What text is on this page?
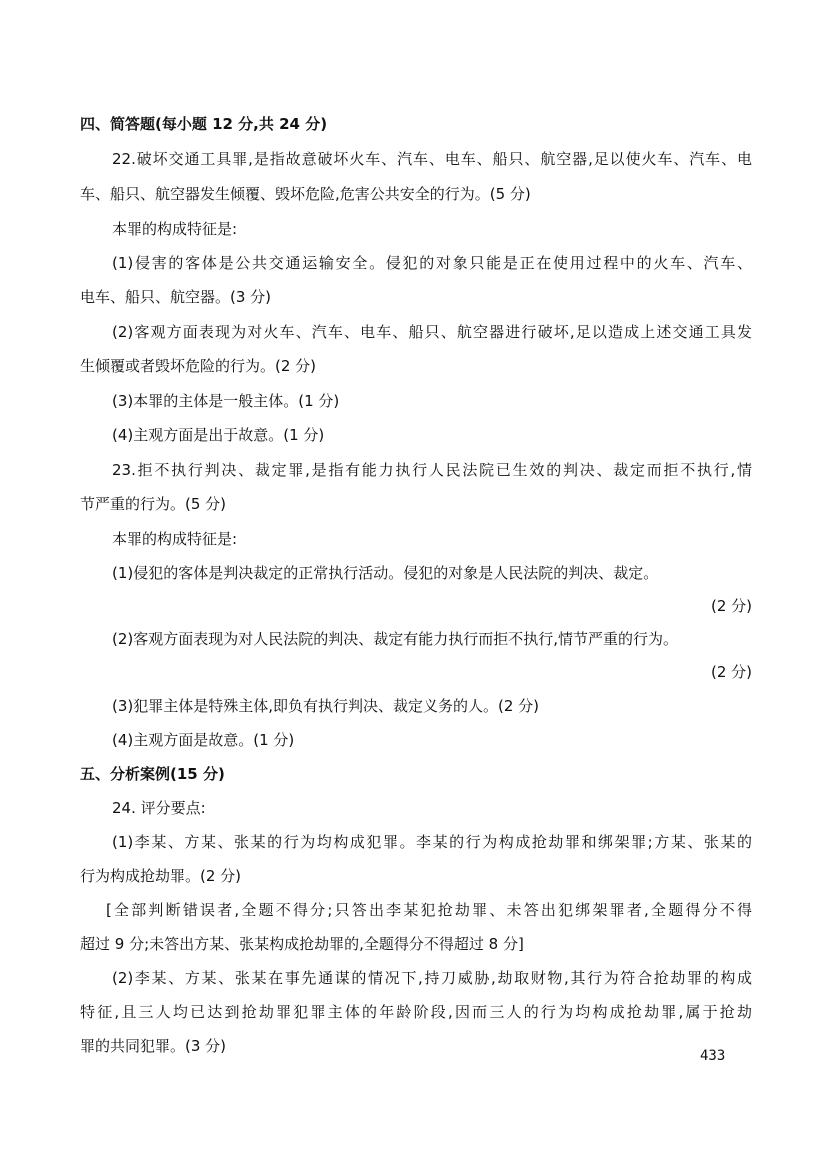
四、简答题(每小题 12 分,共 24 分)
22.破坏交通工具罪,是指故意破坏火车、汽车、电车、船只、航空器,足以使火车、汽车、电
车、船只、航空器发生倾覆、毁坏危险,危害公共安全的行为。(5 分)
本罪的构成特征是:
(1)侵害的客体是公共交通运输安全。侵犯的对象只能是正在使用过程中的火车、汽车、
电车、船只、航空器。(3 分)
(2)客观方面表现为对火车、汽车、电车、船只、航空器进行破坏,足以造成上述交通工具发
生倾覆或者毁坏危险的行为。(2 分)
(3)本罪的主体是一般主体。(1 分)
(4)主观方面是出于故意。(1 分)
23.拒不执行判决、裁定罪,是指有能力执行人民法院已生效的判决、裁定而拒不执行,情
节严重的行为。(5 分)
本罪的构成特征是:
(1)侵犯的客体是判决裁定的正常执行活动。侵犯的对象是人民法院的判决、裁定。
(2 分)
(2)客观方面表现为对人民法院的判决、裁定有能力执行而拒不执行,情节严重的行为。
(2 分)
(3)犯罪主体是特殊主体,即负有执行判决、裁定义务的人。(2 分)
(4)主观方面是故意。(1 分)
五、分析案例(15 分)
24. 评分要点:
(1)李某、方某、张某的行为均构成犯罪。李某的行为构成抢劫罪和绑架罪;方某、张某的
行为构成抢劫罪。(2 分)
[全部判断错误者,全题不得分;只答出李某犯抢劫罪、未答出犯绑架罪者,全题得分不得
超过 9 分;未答出方某、张某构成抢劫罪的,全题得分不得超过 8 分]
(2)李某、方某、张某在事先通谋的情况下,持刀威胁,劫取财物,其行为符合抢劫罪的构成
特征,且三人均已达到抢劫罪犯罪主体的年龄阶段,因而三人的行为均构成抢劫罪,属于抢劫
罪的共同犯罪。(3 分)
433
